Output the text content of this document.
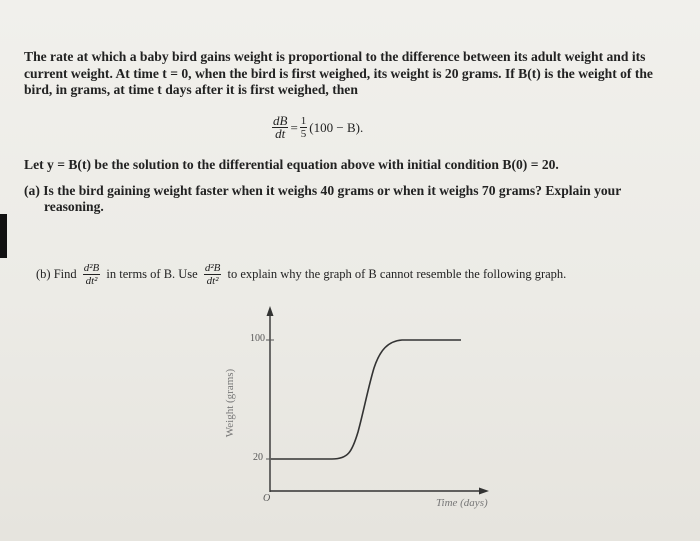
The rate at which a baby bird gains weight is proportional to the difference between its adult weight and its
current weight. At time t = 0, when the bird is first weighed, its weight is 20 grams. If B(t) is the weight of the
bird, in grams, at time t days after it is first weighed, then
$\frac{dB}{dt} = \frac{1}{5} (100 - B)$.
Let y = B(t) be the solution to the differential equation above with initial condition B(0) = 20.
(a) Is the bird gaining weight faster when it weighs 40 grams or when it weighs 70 grams? Explain your
reasoning.
(b) Find $\frac{\text{d²B}}{\text{dt²}}$ in terms of B. Use $\frac{\text{d²B}}{\text{dt²}}$ to explain why the graph of B cannot resemble the following graph.
100
20
O
Weight (grams)
Time (days)
